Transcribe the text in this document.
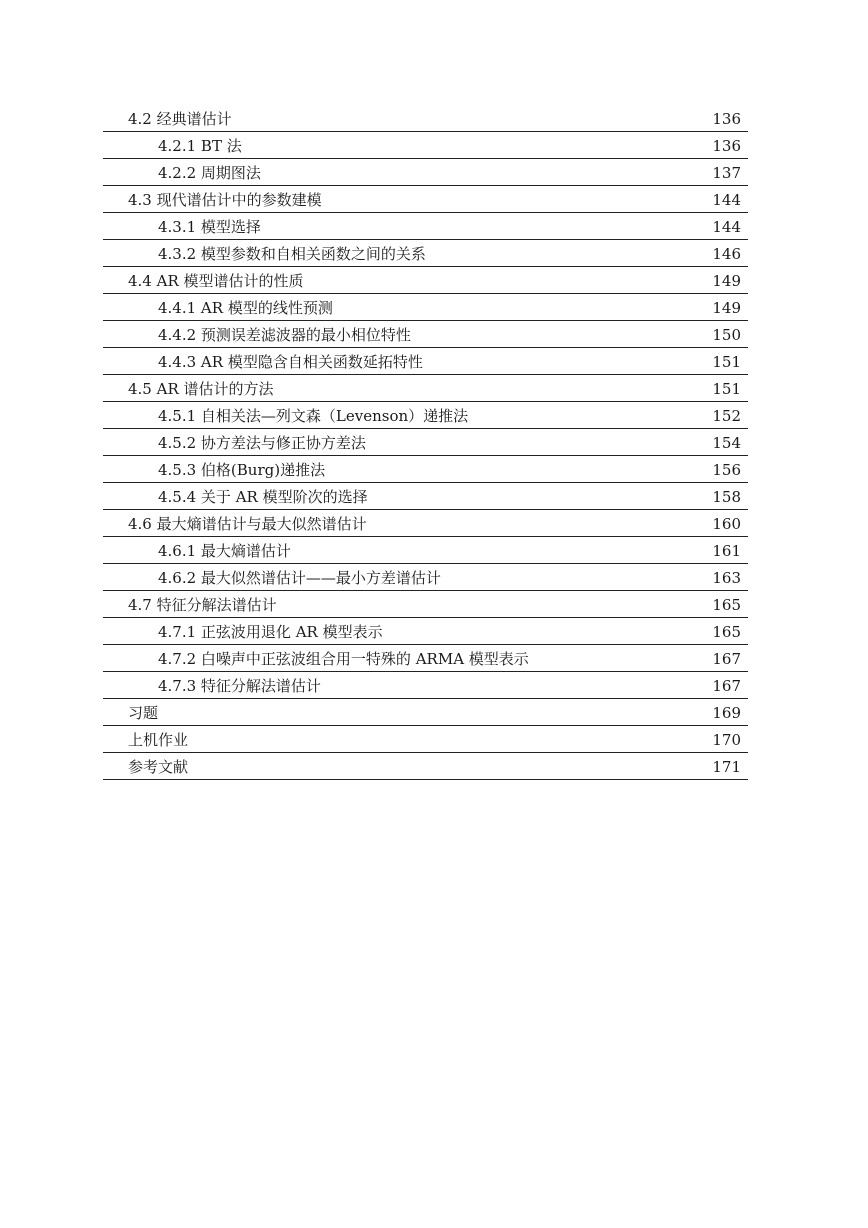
4.2 经典谱估计	136
4.2.1 BT 法	136
4.2.2 周期图法	137
4.3 现代谱估计中的参数建模	144
4.3.1 模型选择	144
4.3.2 模型参数和自相关函数之间的关系	146
4.4 AR 模型谱估计的性质	149
4.4.1 AR 模型的线性预测	149
4.4.2 预测误差滤波器的最小相位特性	150
4.4.3 AR 模型隐含自相关函数延拓特性	151
4.5 AR 谱估计的方法	151
4.5.1 自相关法—列文森（Levenson）递推法	152
4.5.2 协方差法与修正协方差法	154
4.5.3 伯格(Burg)递推法	156
4.5.4 关于 AR 模型阶次的选择	158
4.6 最大熵谱估计与最大似然谱估计	160
4.6.1 最大熵谱估计	161
4.6.2 最大似然谱估计——最小方差谱估计	163
4.7 特征分解法谱估计	165
4.7.1 正弦波用退化 AR 模型表示	165
4.7.2 白噪声中正弦波组合用一特殊的 ARMA 模型表示	167
4.7.3 特征分解法谱估计	167
习题	169
上机作业	170
参考文献	171
